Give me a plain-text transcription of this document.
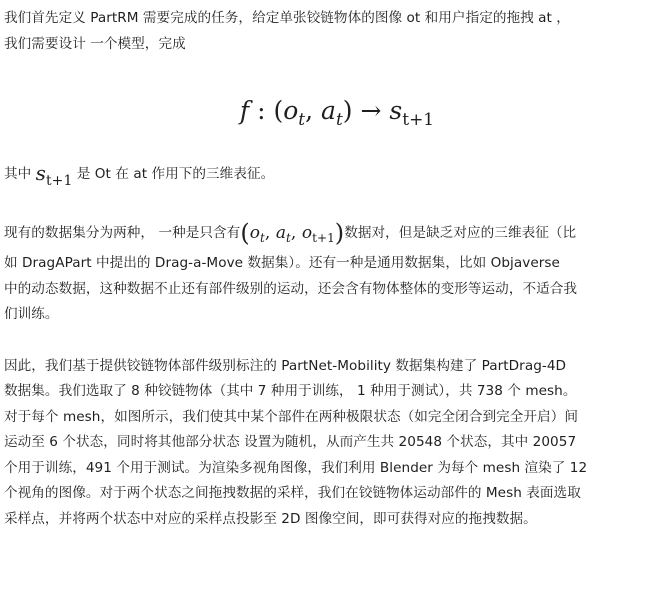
我们首先定义 PartRM 需要完成的任务，给定单张铰链物体的图像 ot 和用户指定的拖拽 at ，

我们需要设计 一个模型，完成

f : ($o_t$, $a_t) \to s_{t+1}$

其中 $s_{t+1}$ 是 Ot 在 at 作用下的三维表征。

现有的数据集分为两种， 一种是只含有($o_t$, $a_t$, $o_{t+1}$)数据对，但是缺乏对应的三维表征（比

如 DragAPart 中提出的 Drag-a-Move 数据集）。还有一种是通用数据集，比如 Objaverse

中的动态数据，这种数据不止还有部件级别的运动，还会含有物体整体的变形等运动，不适合我

们训练。

因此，我们基于提供铰链物体部件级别标注的 PartNet-Mobility 数据集构建了 PartDrag-4D

数据集。我们选取了 8 种铰链物体（其中 7 种用于训练， 1 种用于测试），共 738 个 mesh。

对于每个 mesh，如图所示，我们使其中某个部件在两种极限状态（如完全闭合到完全开启）间

运动至 6 个状态，同时将其他部分状态 设置为随机，从而产生共 20548 个状态，其中 20057

个用于训练，491 个用于测试。为渲染多视角图像，我们利用 Blender 为每个 mesh 渲染了 12

个视角的图像。对于两个状态之间拖拽数据的采样，我们在铰链物体运动部件的 Mesh 表面选取

采样点，并将两个状态中对应的采样点投影至 2D 图像空间，即可获得对应的拖拽数据。
